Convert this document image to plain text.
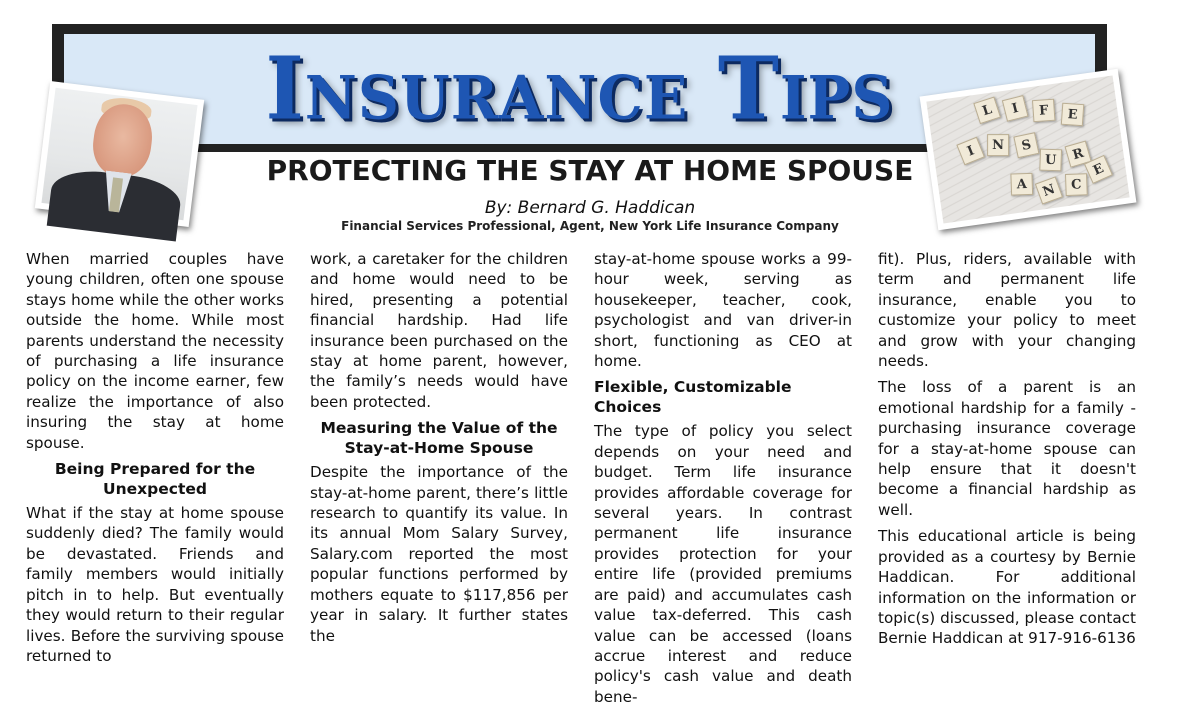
Insurance Tips	L	I	F	E
I	N	S
U	R
A	N	C
E
PROTECTING THE STAY AT HOME SPOUSE
By: Bernard G. Haddican
Financial Services Professional, Agent, New York Life Insurance Company

When married couples have young children, often one spouse stays home while the other works outside the home. While most parents understand the necessity of purchasing a life insurance policy on the income earner, few realize the importance of also insuring the stay at home spouse.

Being Prepared for the Unexpected

What if the stay at home spouse suddenly died? The family would be devastated. Friends and family members would initially pitch in to help. But eventually they would return to their regular lives. Before the surviving spouse returned to

work, a caretaker for the children and home would need to be hired, presenting a potential financial hardship. Had life insurance been purchased on the stay at home parent, however, the family’s needs would have been protected.

Measuring the Value of the Stay-at-Home Spouse

Despite the importance of the stay-at-home parent, there’s little research to quantify its value. In its annual Mom Salary Survey, Salary.com reported the most popular functions performed by mothers equate to $117,856 per year in salary. It further states the

stay-at-home spouse works a 99-hour week, serving as housekeeper, teacher, cook, psychologist and van driver-in short, functioning as CEO at home.

Flexible, Customizable Choices

The type of policy you select depends on your need and budget. Term life insurance provides affordable coverage for several years. In contrast permanent life insurance provides protection for your entire life (provided premiums are paid) and accumulates cash value tax-deferred. This cash value can be accessed (loans accrue interest and reduce policy's cash value and death bene-

fit). Plus, riders, available with term and permanent life insurance, enable you to customize your policy to meet and grow with your changing needs.

The loss of a parent is an emotional hardship for a family - purchasing insurance coverage for a stay-at-home spouse can help ensure that it doesn't become a financial hardship as well.

This educational article is being provided as a courtesy by Bernie Haddican. For additional information on the information or topic(s) discussed, please contact Bernie Haddican at 917-916-6136
